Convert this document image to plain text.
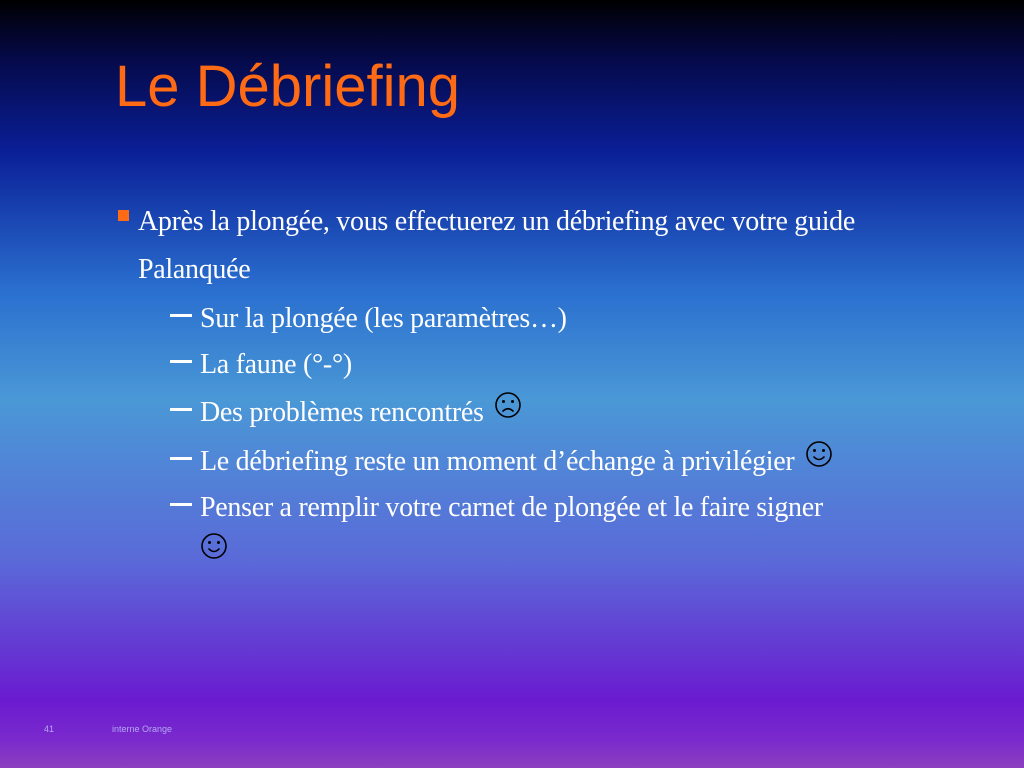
Le Débriefing
Après la plongée, vous effectuerez un débriefing avec votre guide Palanquée
Sur la plongée (les paramètres…)
La faune (°-°)
Des problèmes rencontrés
Le débriefing reste un moment d’échange à privilégier
Penser a remplir votre carnet de plongée et le faire signer

41	interne Orange
